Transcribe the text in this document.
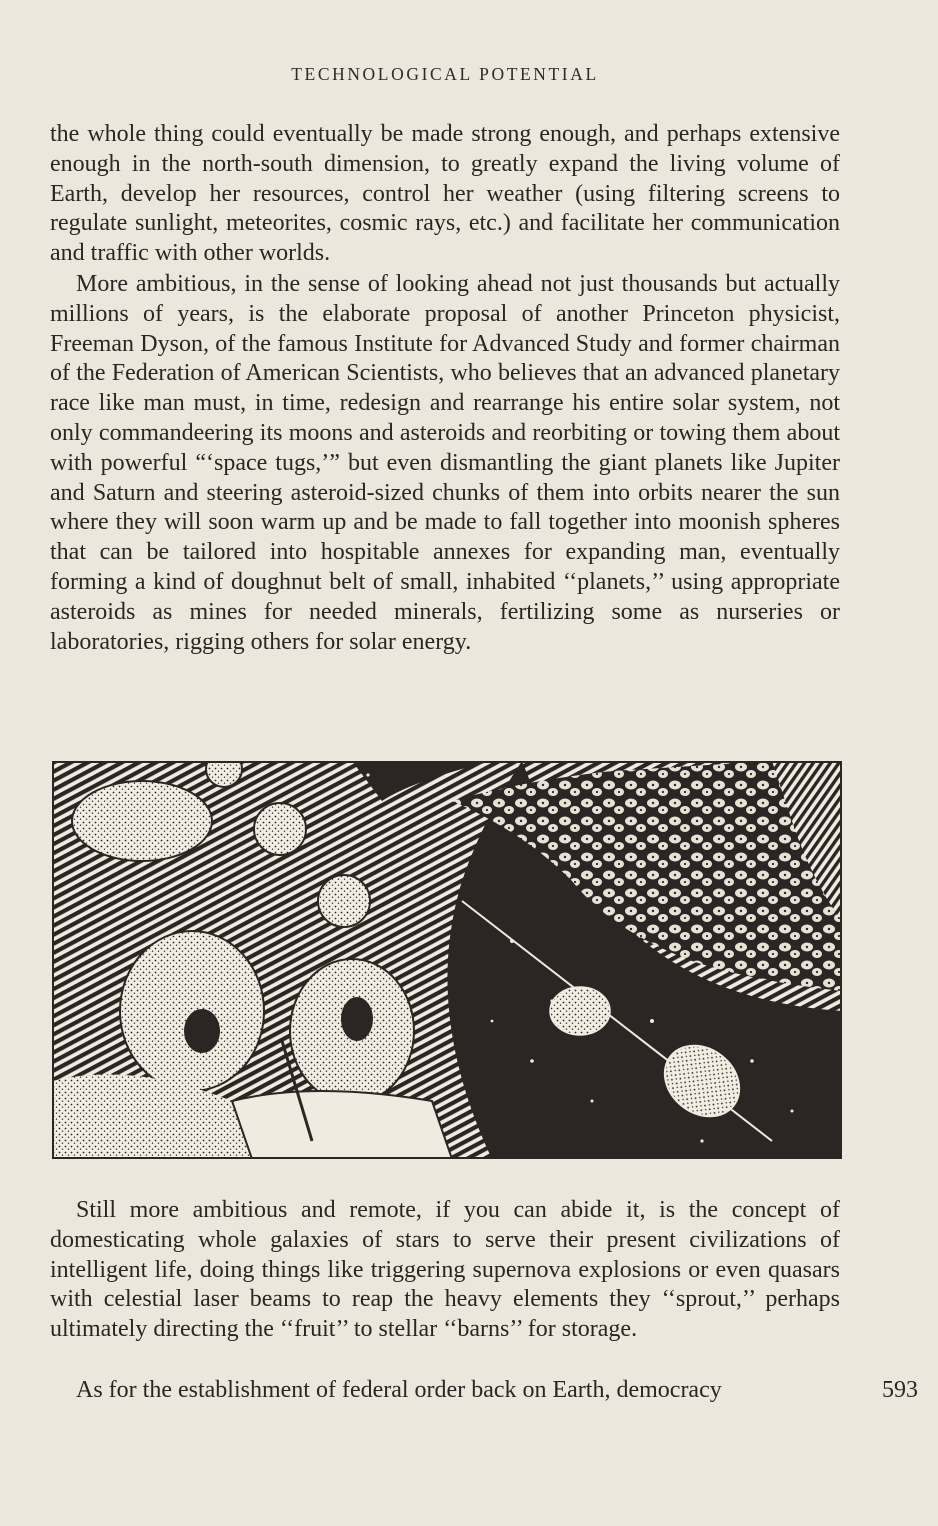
TECHNOLOGICAL POTENTIAL

the whole thing could eventually be made strong enough, and perhaps extensive enough in the north-south dimension, to greatly expand the living volume of Earth, develop her resources, control her weather (using filtering screens to regulate sunlight, meteorites, cosmic rays, etc.) and facilitate her communication and traffic with other worlds.

More ambitious, in the sense of looking ahead not just thousands but actually millions of years, is the elaborate proposal of another Princeton physicist, Freeman Dyson, of the famous Institute for Advanced Study and former chairman of the Federation of American Scientists, who believes that an advanced planetary race like man must, in time, redesign and rearrange his entire solar system, not only commandeering its moons and asteroids and reorbiting or towing them about with powerful “‘space tugs,’” but even dismantling the giant planets like Jupiter and Saturn and steering asteroid-sized chunks of them into orbits nearer the sun where they will soon warm up and be made to fall together into moonish spheres that can be tailored into hospitable annexes for expanding man, eventually forming a kind of doughnut belt of small, inhabited ‘‘planets,’’ using appropriate asteroids as mines for needed minerals, fertilizing some as nurseries or laboratories, rigging others for solar energy.

Still more ambitious and remote, if you can abide it, is the concept of domesticating whole galaxies of stars to serve their present civilizations of intelligent life, doing things like triggering supernova explosions or even quasars with celestial laser beams to reap the heavy elements they ‘‘sprout,’’ perhaps ultimately directing the ‘‘fruit’’ to stellar ‘‘barns’’ for storage.

As for the establishment of federal order back on Earth, democracy	593
